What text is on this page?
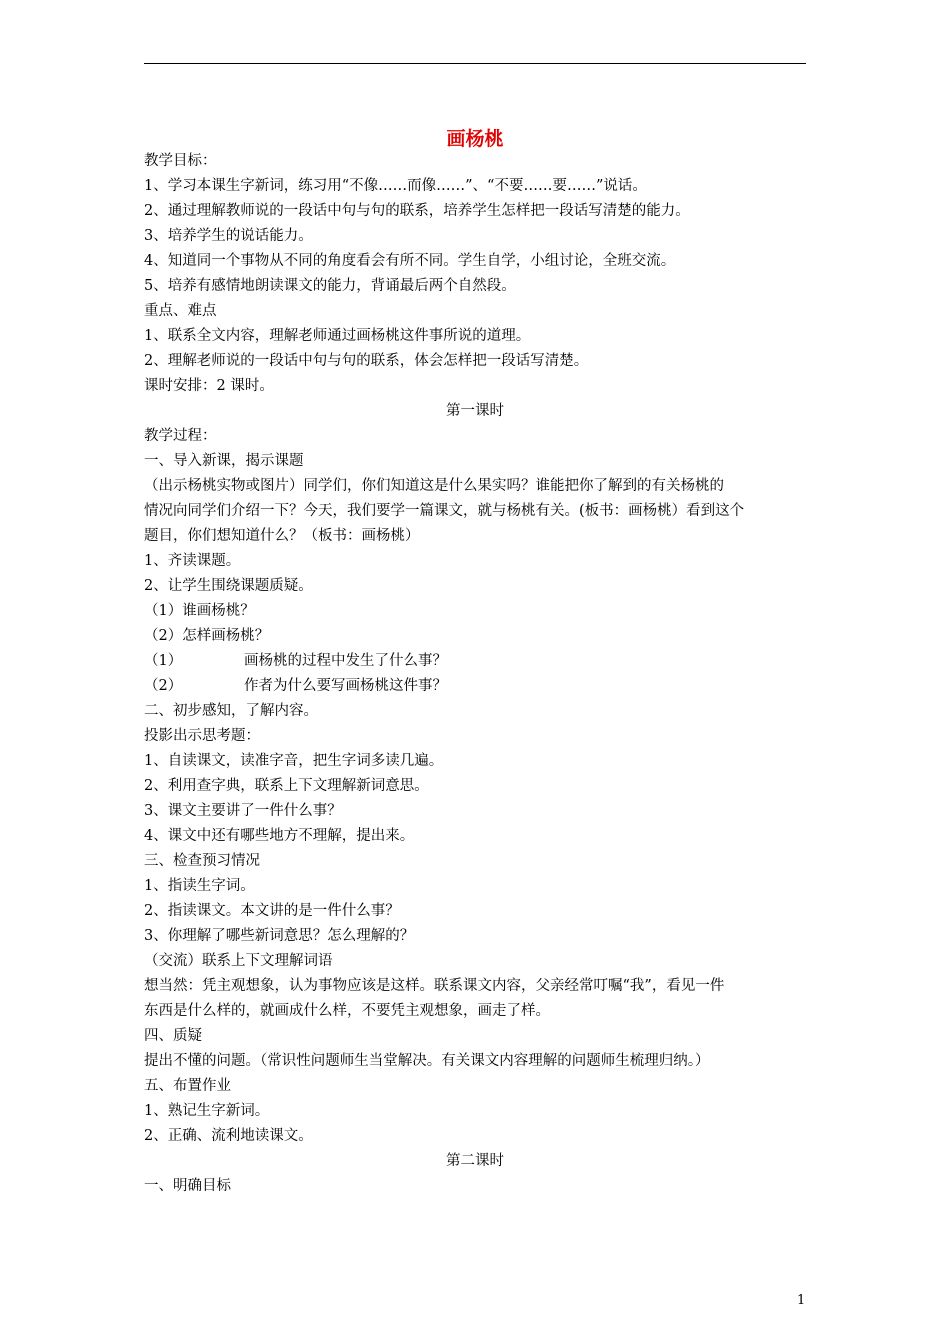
画杨桃
教学目标：
1、学习本课生字新词，练习用“不像……而像……”、“不要……要……”说话。
2、通过理解教师说的一段话中句与句的联系，培养学生怎样把一段话写清楚的能力。
3、培养学生的说话能力。
4、知道同一个事物从不同的角度看会有所不同。学生自学，小组讨论，全班交流。
5、培养有感情地朗读课文的能力，背诵最后两个自然段。
重点、难点
1、联系全文内容，理解老师通过画杨桃这件事所说的道理。
2、理解老师说的一段话中句与句的联系，体会怎样把一段话写清楚。
课时安排：2 课时。
第一课时
教学过程：
一、导入新课，揭示课题
（出示杨桃实物或图片）同学们，你们知道这是什么果实吗？谁能把你了解到的有关杨桃的
情况向同学们介绍一下？今天，我们要学一篇课文，就与杨桃有关。(板书：画杨桃）看到这个
题目，你们想知道什么？（板书：画杨桃）
1、齐读课题。
2、让学生围绕课题质疑。
（1）谁画杨桃？
（2）怎样画杨桃？
（1）	画杨桃的过程中发生了什么事？
（2）	作者为什么要写画杨桃这件事？
二、初步感知，了解内容。
投影出示思考题：
1、自读课文，读准字音，把生字词多读几遍。
2、利用查字典，联系上下文理解新词意思。
3、课文主要讲了一件什么事？
4、课文中还有哪些地方不理解，提出来。
三、检查预习情况
1、指读生字词。
2、指读课文。本文讲的是一件什么事？
3、你理解了哪些新词意思？怎么理解的？
（交流）联系上下文理解词语
想当然：凭主观想象，认为事物应该是这样。联系课文内容，父亲经常叮嘱“我”，看见一件
东西是什么样的，就画成什么样，不要凭主观想象，画走了样。
四、质疑
提出不懂的问题。（常识性问题师生当堂解决。有关课文内容理解的问题师生梳理归纳。）
五、布置作业
1、熟记生字新词。
2、正确、流利地读课文。
第二课时
一、明确目标
1
